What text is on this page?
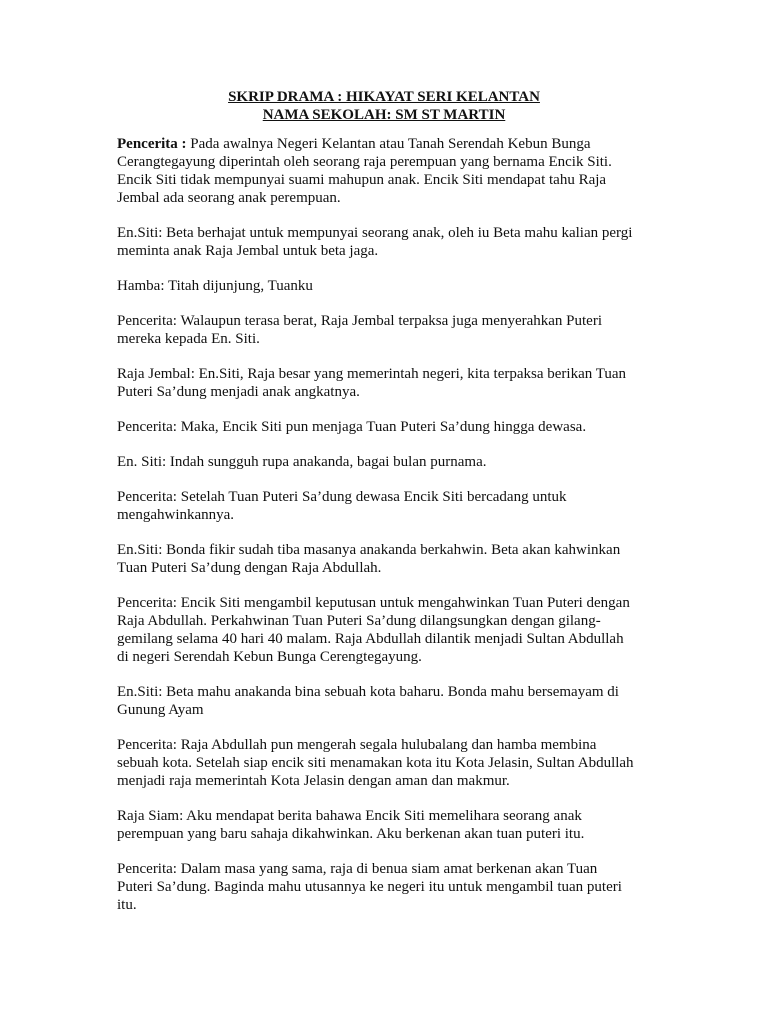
SKRIP DRAMA : HIKAYAT SERI KELANTAN
NAMA SEKOLAH: SM ST MARTIN

Pencerita : Pada awalnya Negeri Kelantan atau Tanah Serendah Kebun Bunga
Cerangtegayung diperintah oleh seorang raja perempuan yang bernama Encik Siti.
Encik Siti tidak mempunyai suami mahupun anak. Encik Siti mendapat tahu Raja
Jembal ada seorang anak perempuan.

En.Siti: Beta berhajat untuk mempunyai seorang anak, oleh iu Beta mahu kalian pergi
meminta anak Raja Jembal untuk beta jaga.

Hamba: Titah dijunjung, Tuanku

Pencerita: Walaupun terasa berat, Raja Jembal terpaksa juga menyerahkan Puteri
mereka kepada En. Siti.

Raja Jembal: En.Siti, Raja besar yang memerintah negeri, kita terpaksa berikan Tuan
Puteri Sa’dung menjadi anak angkatnya.

Pencerita: Maka, Encik Siti pun menjaga Tuan Puteri Sa’dung hingga dewasa.

En. Siti: Indah sungguh rupa anakanda, bagai bulan purnama.

Pencerita: Setelah Tuan Puteri Sa’dung dewasa Encik Siti bercadang untuk
mengahwinkannya.

En.Siti: Bonda fikir sudah tiba masanya anakanda berkahwin. Beta akan kahwinkan
Tuan Puteri Sa’dung dengan Raja Abdullah.

Pencerita: Encik Siti mengambil keputusan untuk mengahwinkan Tuan Puteri dengan
Raja Abdullah. Perkahwinan Tuan Puteri Sa’dung dilangsungkan dengan gilang-
gemilang selama 40 hari 40 malam. Raja Abdullah dilantik menjadi Sultan Abdullah
di negeri Serendah Kebun Bunga Cerengtegayung.

En.Siti: Beta mahu anakanda bina sebuah kota baharu. Bonda mahu bersemayam di
Gunung Ayam

Pencerita: Raja Abdullah pun mengerah segala hulubalang dan hamba membina
sebuah kota. Setelah siap encik siti menamakan kota itu Kota Jelasin, Sultan Abdullah
menjadi raja memerintah Kota Jelasin dengan aman dan makmur.

Raja Siam: Aku mendapat berita bahawa Encik Siti memelihara seorang anak
perempuan yang baru sahaja dikahwinkan. Aku berkenan akan tuan puteri itu.

Pencerita: Dalam masa yang sama, raja di benua siam amat berkenan akan Tuan
Puteri Sa’dung. Baginda mahu utusannya ke negeri itu untuk mengambil tuan puteri
itu.
